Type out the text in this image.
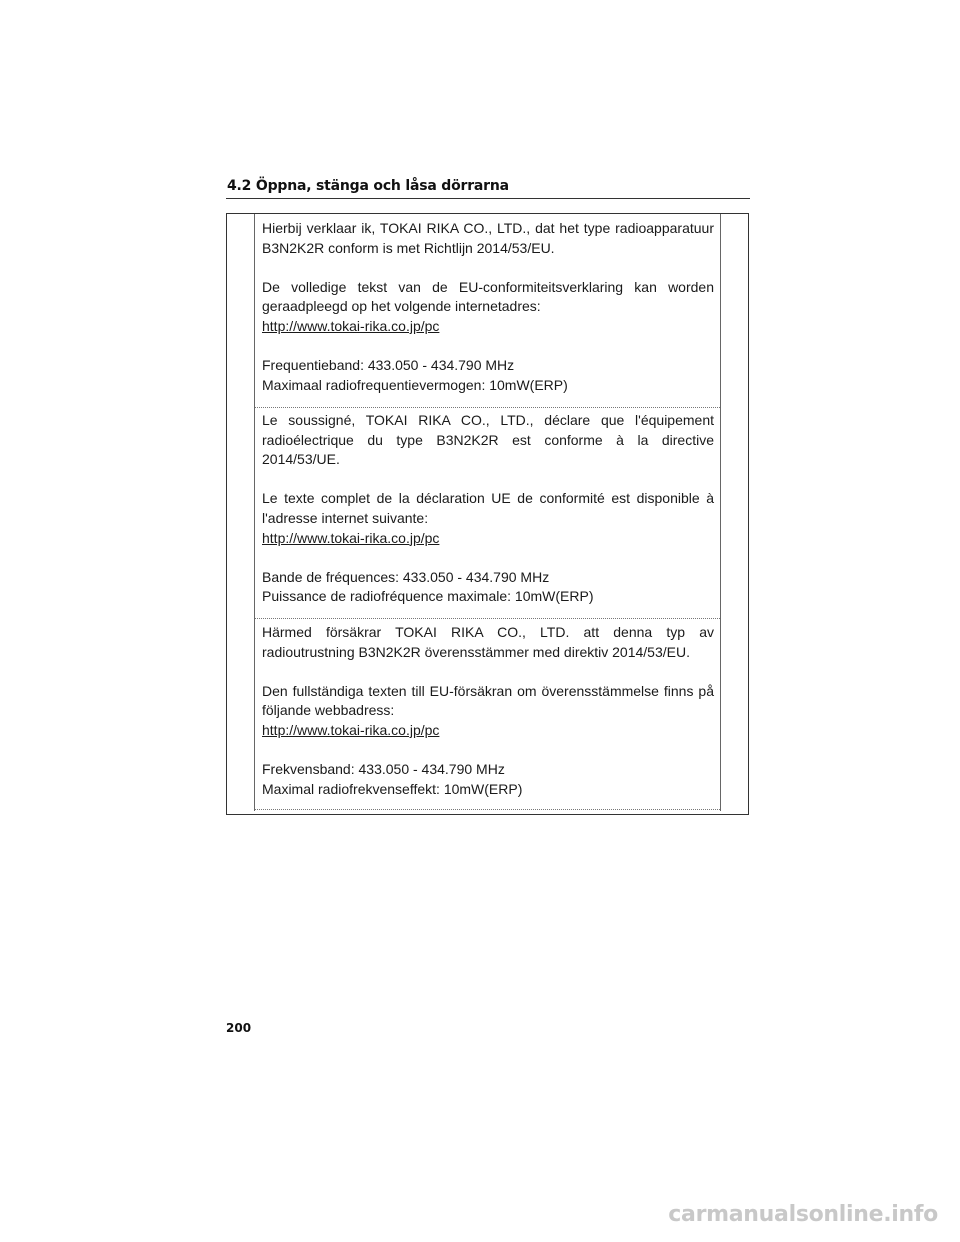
4.2 Öppna, stänga och låsa dörrarna

Hierbij verklaar ik, TOKAI RIKA CO., LTD., dat het type radioapparatuur B3N2K2R conform is met Richtlijn 2014/53/EU.

De volledige tekst van de EU-conformiteitsverklaring kan worden geraadpleegd op het volgende internetadres:

http://www.tokai-rika.co.jp/pc

Frequentieband: 433.050 - 434.790 MHz

Maximaal radiofrequentievermogen: 10mW(ERP)

Le soussigné, TOKAI RIKA CO., LTD., déclare que l'équipement radioélectrique du type B3N2K2R est conforme à la directive 2014/53/UE.

Le texte complet de la déclaration UE de conformité est disponible à l'adresse internet suivante:

http://www.tokai-rika.co.jp/pc

Bande de fréquences: 433.050 - 434.790 MHz

Puissance de radiofréquence maximale: 10mW(ERP)

Härmed försäkrar TOKAI RIKA CO., LTD. att denna typ av radioutrustning B3N2K2R överensstämmer med direktiv 2014/53/EU.

Den fullständiga texten till EU-försäkran om överensstämmelse finns på följande webbadress:

http://www.tokai-rika.co.jp/pc

Frekvensband: 433.050 - 434.790 MHz

Maximal radiofrekvenseffekt: 10mW(ERP)

200
carmanualsonline.info
